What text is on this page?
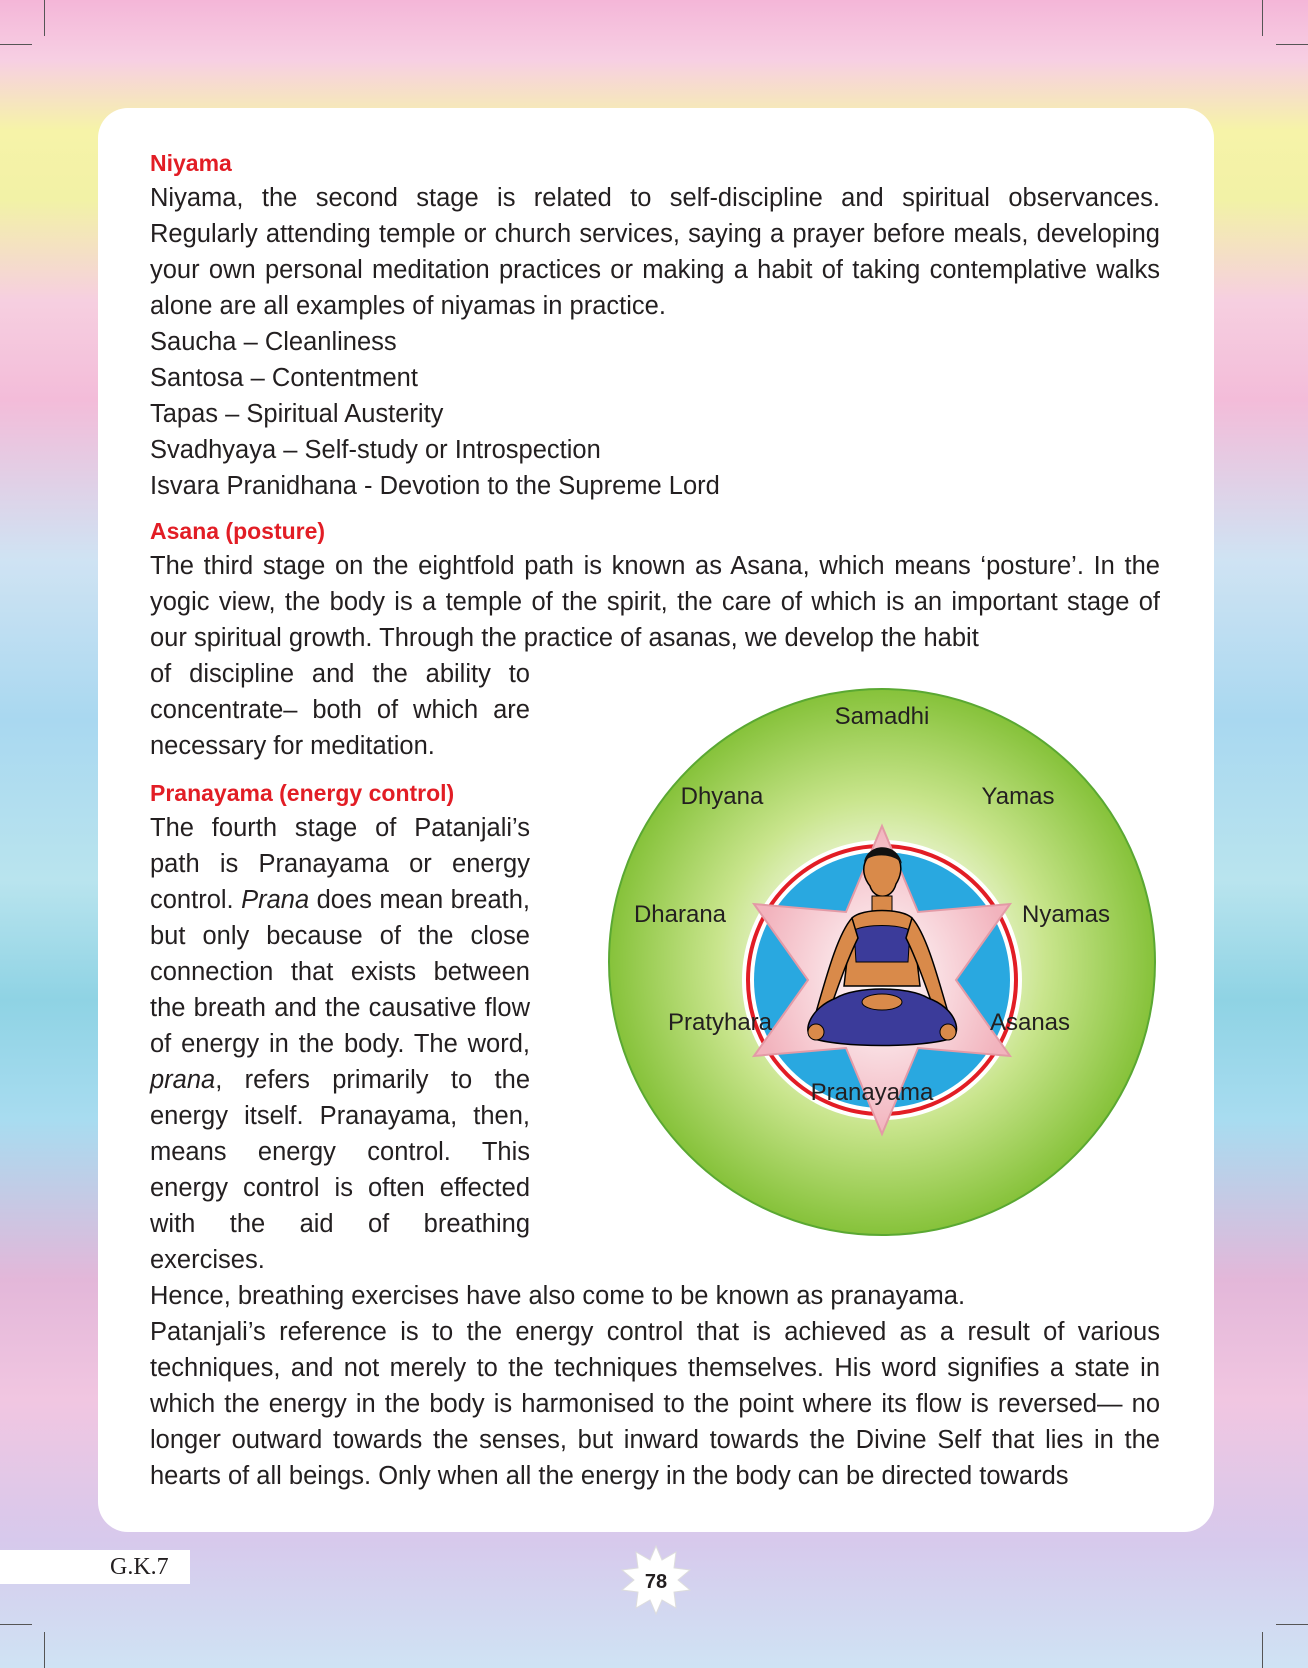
Niyama

Niyama, the second stage is related to self-discipline and spiritual observances. Regularly attending temple or church services, saying a prayer before meals, developing your own personal meditation practices or making a habit of taking contemplative walks alone are all examples of niyamas in practice.

Saucha – Cleanliness
Santosa – Contentment
Tapas – Spiritual Austerity
Svadhyaya – Self-study or Introspection
Isvara Pranidhana - Devotion to the Supreme Lord
Asana (posture)

The third stage on the eightfold path is known as Asana, which means ‘posture’. In the yogic view, the body is a temple of the spirit, the care of which is an important stage of our spiritual growth. Through the practice of asanas, we develop the habit

of discipline and the ability to concentrate– both of which are necessary for meditation.

Pranayama (energy control)

The fourth stage of Patanjali’s path is Pranayama or energy control. Prana does mean breath, but only because of the close connection that exists between the breath and the causative flow of energy in the body. The word, prana, refers primarily to the energy itself. Pranayama, then, means energy control. This energy control is often effected with the aid of breathing exercises.

Hence, breathing exercises have also come to be known as pranayama.

Patanjali’s reference is to the energy control that is achieved as a result of various techniques, and not merely to the techniques themselves. His word signifies a state in which the energy in the body is harmonised to the point where its flow is reversed— no longer outward towards the senses, but inward towards the Divine Self that lies in the hearts of all beings. Only when all the energy in the body can be directed towards

Samadhi
Yamas
Nyamas
Asanas
Pranayama
Pratyhara
Dharana
Dhyana
G.K.7
78
